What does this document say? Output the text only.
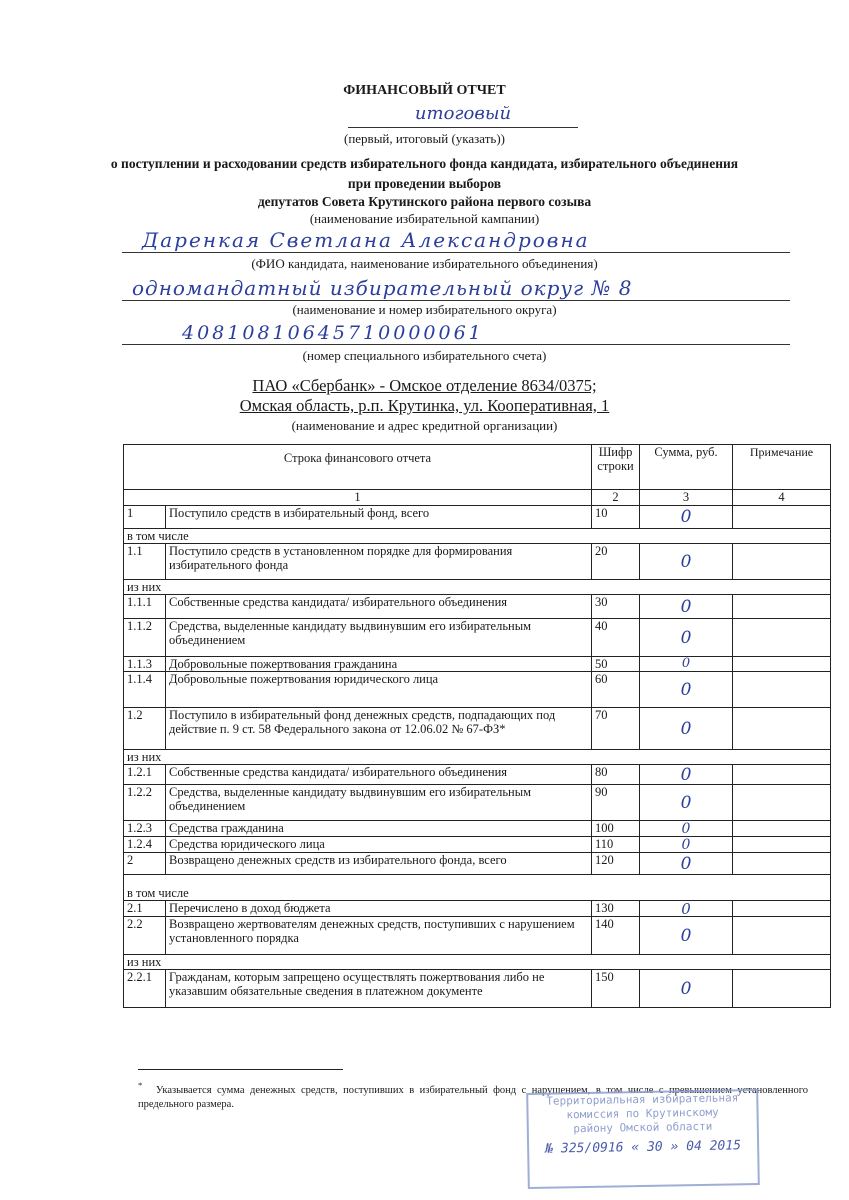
ФИНАНСОВЫЙ ОТЧЕТ
итоговый
(первый, итоговый (указать))
о поступлении и расходовании средств избирательного фонда кандидата, избирательного объединения
при проведении выборов
депутатов Совета Крутинского района первого созыва
(наименование избирательной кампании)
Даренкая Светлана Александровна
(ФИО кандидата, наименование избирательного объединения)
одномандатный избирательный округ № 8
(наименование и номер избирательного округа)
40810810645710000061
(номер специального избирательного счета)
ПАО «Сбербанк» - Омское отделение 8634/0375;
Омская область, р.п. Крутинка, ул. Кооперативная, 1
(наименование и адрес кредитной организации)
Строка финансового отчета		Шифр строки	Сумма, руб.	Примечание
1		2	3	4
1	Поступило средств в избирательный фонд, всего	10	0	
в том числе				
1.1	Поступило средств в установленном порядке для формирования избирательного фонда	20	0	
из них				
1.1.1	Собственные средства кандидата/ избирательного объединения	30	0	
1.1.2	Средства, выделенные кандидату выдвинувшим его избирательным объединением	40	0	
1.1.3	Добровольные пожертвования гражданина	50	0	
1.1.4	Добровольные пожертвования юридического лица	60	0	
1.2	Поступило в избирательный фонд денежных средств, подпадающих под действие п. 9 ст. 58 Федерального закона от 12.06.02 № 67-ФЗ*	70	0	
из них				
1.2.1	Собственные средства кандидата/ избирательного объединения	80	0	
1.2.2	Средства, выделенные кандидату выдвинувшим его избирательным объединением	90	0	
1.2.3	Средства гражданина	100	0	
1.2.4	Средства юридического лица	110	0	
2	Возвращено денежных средств из избирательного фонда, всего	120	0	
в том числе				
2.1	Перечислено в доход бюджета	130	0	
2.2	Возвращено жертвователям денежных средств, поступивших с нарушением установленного порядка	140	0	
из них				
2.2.1	Гражданам, которым запрещено осуществлять пожертвования либо не указавшим обязательные сведения в платежном документе	150	0	
* Указывается сумма денежных средств, поступивших в избирательный фонд с нарушением, в том числе с превышением установленного предельного размера.	Территориальная избирательная
комиссия по Крутинскому
району Омской области
№ 325/0916 « 30 » 04 2015
